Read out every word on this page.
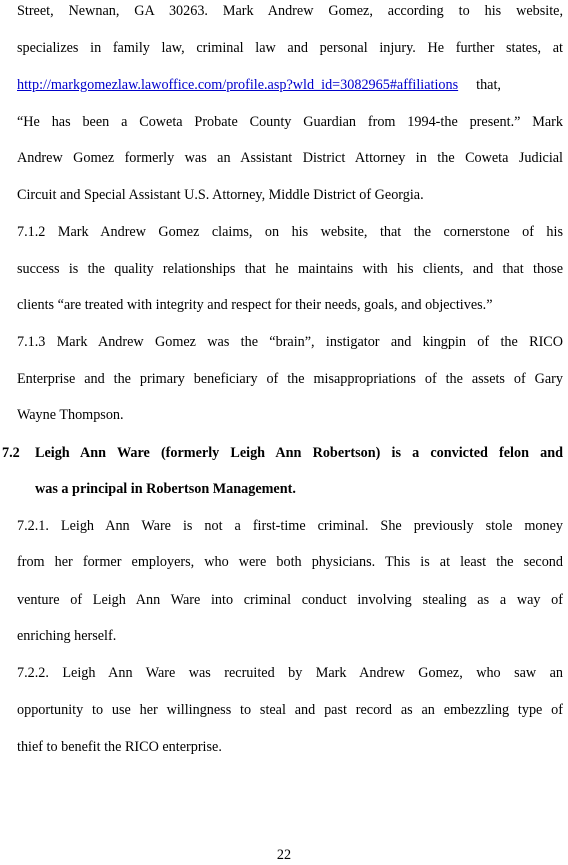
Street, Newnan, GA 30263. Mark Andrew Gomez, according to his website,
specializes in family law, criminal law and personal injury. He further states, at
http://markgomezlaw.lawoffice.com/profile.asp?wld_id=3082965#affiliations that,
“He has been a Coweta Probate County Guardian from 1994-the present.” Mark
Andrew Gomez formerly was an Assistant District Attorney in the Coweta Judicial
Circuit and Special Assistant U.S. Attorney, Middle District of Georgia.
7.1.2 Mark Andrew Gomez claims, on his website, that the cornerstone of his
success is the quality relationships that he maintains with his clients, and that those
clients “are treated with integrity and respect for their needs, goals, and objectives.”
7.1.3 Mark Andrew Gomez was the “brain”, instigator and kingpin of the RICO
Enterprise and the primary beneficiary of the misappropriations of the assets of Gary
Wayne Thompson.
7.2 Leigh Ann Ware (formerly Leigh Ann Robertson) is a convicted felon and
was a principal in Robertson Management.
7.2.1. Leigh Ann Ware is not a first-time criminal. She previously stole money
from her former employers, who were both physicians. This is at least the second
venture of Leigh Ann Ware into criminal conduct involving stealing as a way of
enriching herself.
7.2.2. Leigh Ann Ware was recruited by Mark Andrew Gomez, who saw an
opportunity to use her willingness to steal and past record as an embezzling type of
thief to benefit the RICO enterprise.
22
